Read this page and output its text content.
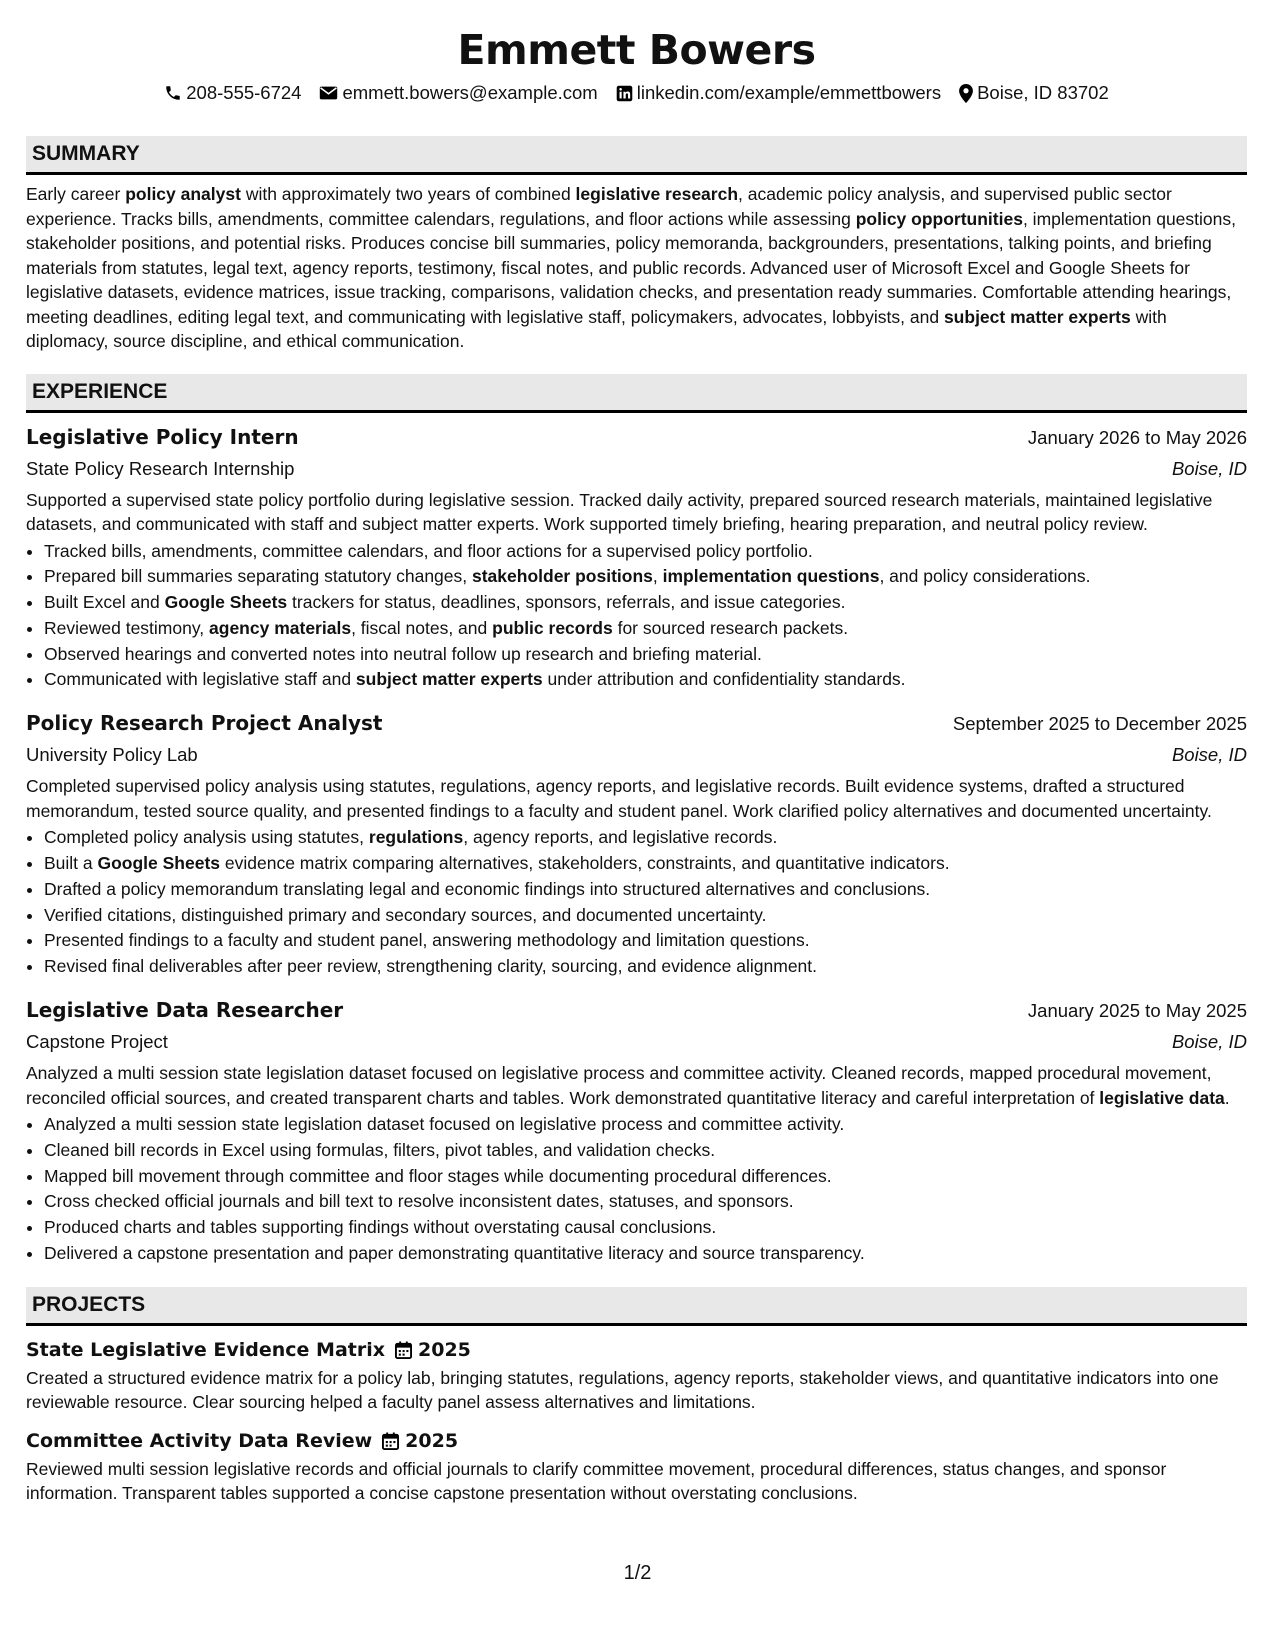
Emmett Bowers
208-555-6724 emmett.bowers@example.com linkedin.com/example/emmettbowers Boise, ID 83702
SUMMARY

Early career policy analyst with approximately two years of combined legislative research, academic policy analysis, and supervised public sector experience. Tracks bills, amendments, committee calendars, regulations, and floor actions while assessing policy opportunities, implementation questions, stakeholder positions, and potential risks. Produces concise bill summaries, policy memoranda, backgrounders, presentations, talking points, and briefing materials from statutes, legal text, agency reports, testimony, fiscal notes, and public records. Advanced user of Microsoft Excel and Google Sheets for legislative datasets, evidence matrices, issue tracking, comparisons, validation checks, and presentation ready summaries. Comfortable attending hearings, meeting deadlines, editing legal text, and communicating with legislative staff, policymakers, advocates, lobbyists, and subject matter experts with diplomacy, source discipline, and ethical communication.

EXPERIENCE
Legislative Policy Intern	January 2026 to May 2026
State Policy Research Internship	Boise, ID

Supported a supervised state policy portfolio during legislative session. Tracked daily activity, prepared sourced research materials, maintained legislative datasets, and communicated with staff and subject matter experts. Work supported timely briefing, hearing preparation, and neutral policy review.

• Tracked bills, amendments, committee calendars, and floor actions for a supervised policy portfolio.
• Prepared bill summaries separating statutory changes, stakeholder positions, implementation questions, and policy considerations.
• Built Excel and Google Sheets trackers for status, deadlines, sponsors, referrals, and issue categories.
• Reviewed testimony, agency materials, fiscal notes, and public records for sourced research packets.
• Observed hearings and converted notes into neutral follow up research and briefing material.
• Communicated with legislative staff and subject matter experts under attribution and confidentiality standards.
Policy Research Project Analyst	September 2025 to December 2025
University Policy Lab	Boise, ID

Completed supervised policy analysis using statutes, regulations, agency reports, and legislative records. Built evidence systems, drafted a structured memorandum, tested source quality, and presented findings to a faculty and student panel. Work clarified policy alternatives and documented uncertainty.

• Completed policy analysis using statutes, regulations, agency reports, and legislative records.
• Built a Google Sheets evidence matrix comparing alternatives, stakeholders, constraints, and quantitative indicators.
• Drafted a policy memorandum translating legal and economic findings into structured alternatives and conclusions.
• Verified citations, distinguished primary and secondary sources, and documented uncertainty.
• Presented findings to a faculty and student panel, answering methodology and limitation questions.
• Revised final deliverables after peer review, strengthening clarity, sourcing, and evidence alignment.
Legislative Data Researcher	January 2025 to May 2025
Capstone Project	Boise, ID

Analyzed a multi session state legislation dataset focused on legislative process and committee activity. Cleaned records, mapped procedural movement, reconciled official sources, and created transparent charts and tables. Work demonstrated quantitative literacy and careful interpretation of legislative data.

• Analyzed a multi session state legislation dataset focused on legislative process and committee activity.
• Cleaned bill records in Excel using formulas, filters, pivot tables, and validation checks.
• Mapped bill movement through committee and floor stages while documenting procedural differences.
• Cross checked official journals and bill text to resolve inconsistent dates, statuses, and sponsors.
• Produced charts and tables supporting findings without overstating causal conclusions.
• Delivered a capstone presentation and paper demonstrating quantitative literacy and source transparency.
PROJECTS
State Legislative Evidence Matrix 2025

Created a structured evidence matrix for a policy lab, bringing statutes, regulations, agency reports, stakeholder views, and quantitative indicators into one reviewable resource. Clear sourcing helped a faculty panel assess alternatives and limitations.

Committee Activity Data Review 2025

Reviewed multi session legislative records and official journals to clarify committee movement, procedural differences, status changes, and sponsor information. Transparent tables supported a concise capstone presentation without overstating conclusions.

1/2
